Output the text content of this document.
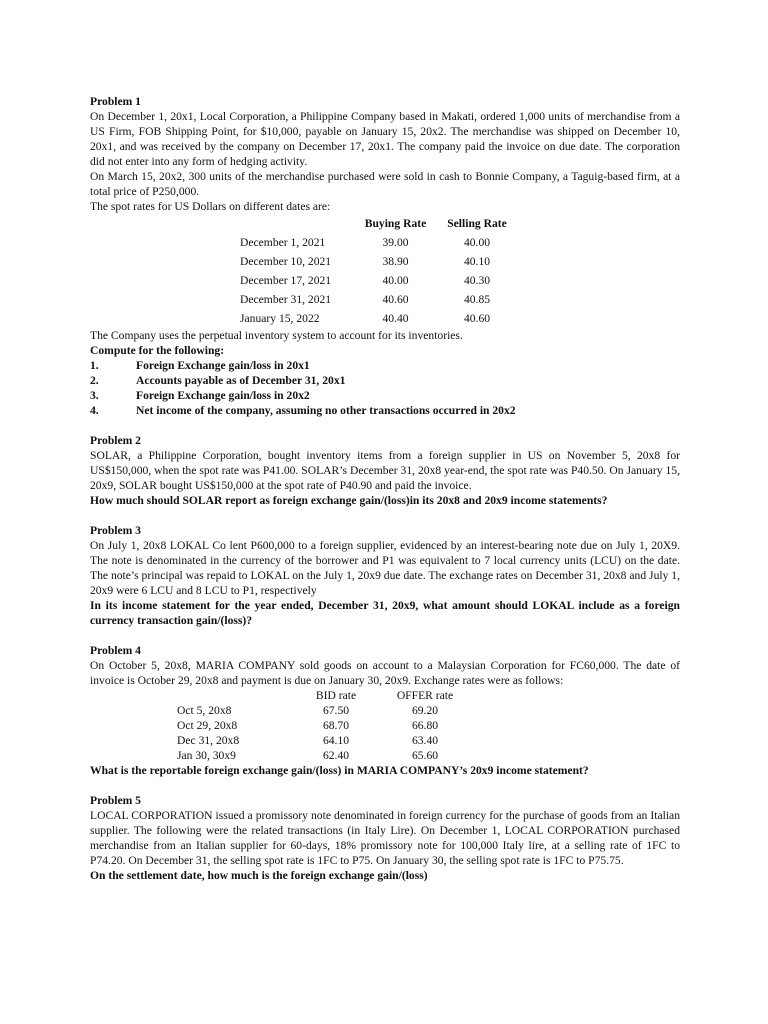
Problem 1
On December 1, 20x1, Local Corporation, a Philippine Company based in Makati, ordered 1,000 units of merchandise from a US Firm, FOB Shipping Point, for $10,000, payable on January 15, 20x2. The merchandise was shipped on December 10, 20x1, and was received by the company on December 17, 20x1. The company paid the invoice on due date. The corporation did not enter into any form of hedging activity.
On March 15, 20x2, 300 units of the merchandise purchased were sold in cash to Bonnie Company, a Taguig-based firm, at a total price of P250,000.
The spot rates for US Dollars on different dates are:
	Buying Rate	Selling Rate
December 1, 2021	39.00	40.00
December 10, 2021	38.90	40.10
December 17, 2021	40.00	40.30
December 31, 2021	40.60	40.85
January 15, 2022	40.40	40.60
The Company uses the perpetual inventory system to account for its inventories.
Compute for the following:
1.	Foreign Exchange gain/loss in 20x1
2.	Accounts payable as of December 31, 20x1
3.	Foreign Exchange gain/loss in 20x2
4.	Net income of the company, assuming no other transactions occurred in 20x2
Problem 2
SOLAR, a Philippine Corporation, bought inventory items from a foreign supplier in US on November 5, 20x8 for US$150,000, when the spot rate was P41.00. SOLAR’s December 31, 20x8 year-end, the spot rate was P40.50. On January 15, 20x9, SOLAR bought US$150,000 at the spot rate of P40.90 and paid the invoice.
How much should SOLAR report as foreign exchange gain/(loss)in its 20x8 and 20x9 income statements?
Problem 3
On July 1, 20x8 LOKAL Co lent P600,000 to a foreign supplier, evidenced by an interest-bearing note due on July 1, 20X9. The note is denominated in the currency of the borrower and P1 was equivalent to 7 local currency units (LCU) on the date. The note’s principal was repaid to LOKAL on the July 1, 20x9 due date. The exchange rates on December 31, 20x8 and July 1, 20x9 were 6 LCU and 8 LCU to P1, respectively
In its income statement for the year ended, December 31, 20x9, what amount should LOKAL include as a foreign currency transaction gain/(loss)?
Problem 4
On October 5, 20x8, MARIA COMPANY sold goods on account to a Malaysian Corporation for FC60,000. The date of invoice is October 29, 20x8 and payment is due on January 30, 20x9. Exchange rates were as follows:
	BID rate	OFFER rate
Oct 5, 20x8	67.50	69.20
Oct 29, 20x8	68.70	66.80
Dec 31, 20x8	64.10	63.40
Jan 30, 30x9	62.40	65.60
What is the reportable foreign exchange gain/(loss) in MARIA COMPANY’s 20x9 income statement?
Problem 5
LOCAL CORPORATION issued a promissory note denominated in foreign currency for the purchase of goods from an Italian supplier. The following were the related transactions (in Italy Lire). On December 1, LOCAL CORPORATION purchased merchandise from an Italian supplier for 60-days, 18% promissory note for 100,000 Italy lire, at a selling rate of 1FC to P74.20. On December 31, the selling spot rate is 1FC to P75. On January 30, the selling spot rate is 1FC to P75.75.
On the settlement date, how much is the foreign exchange gain/(loss)
